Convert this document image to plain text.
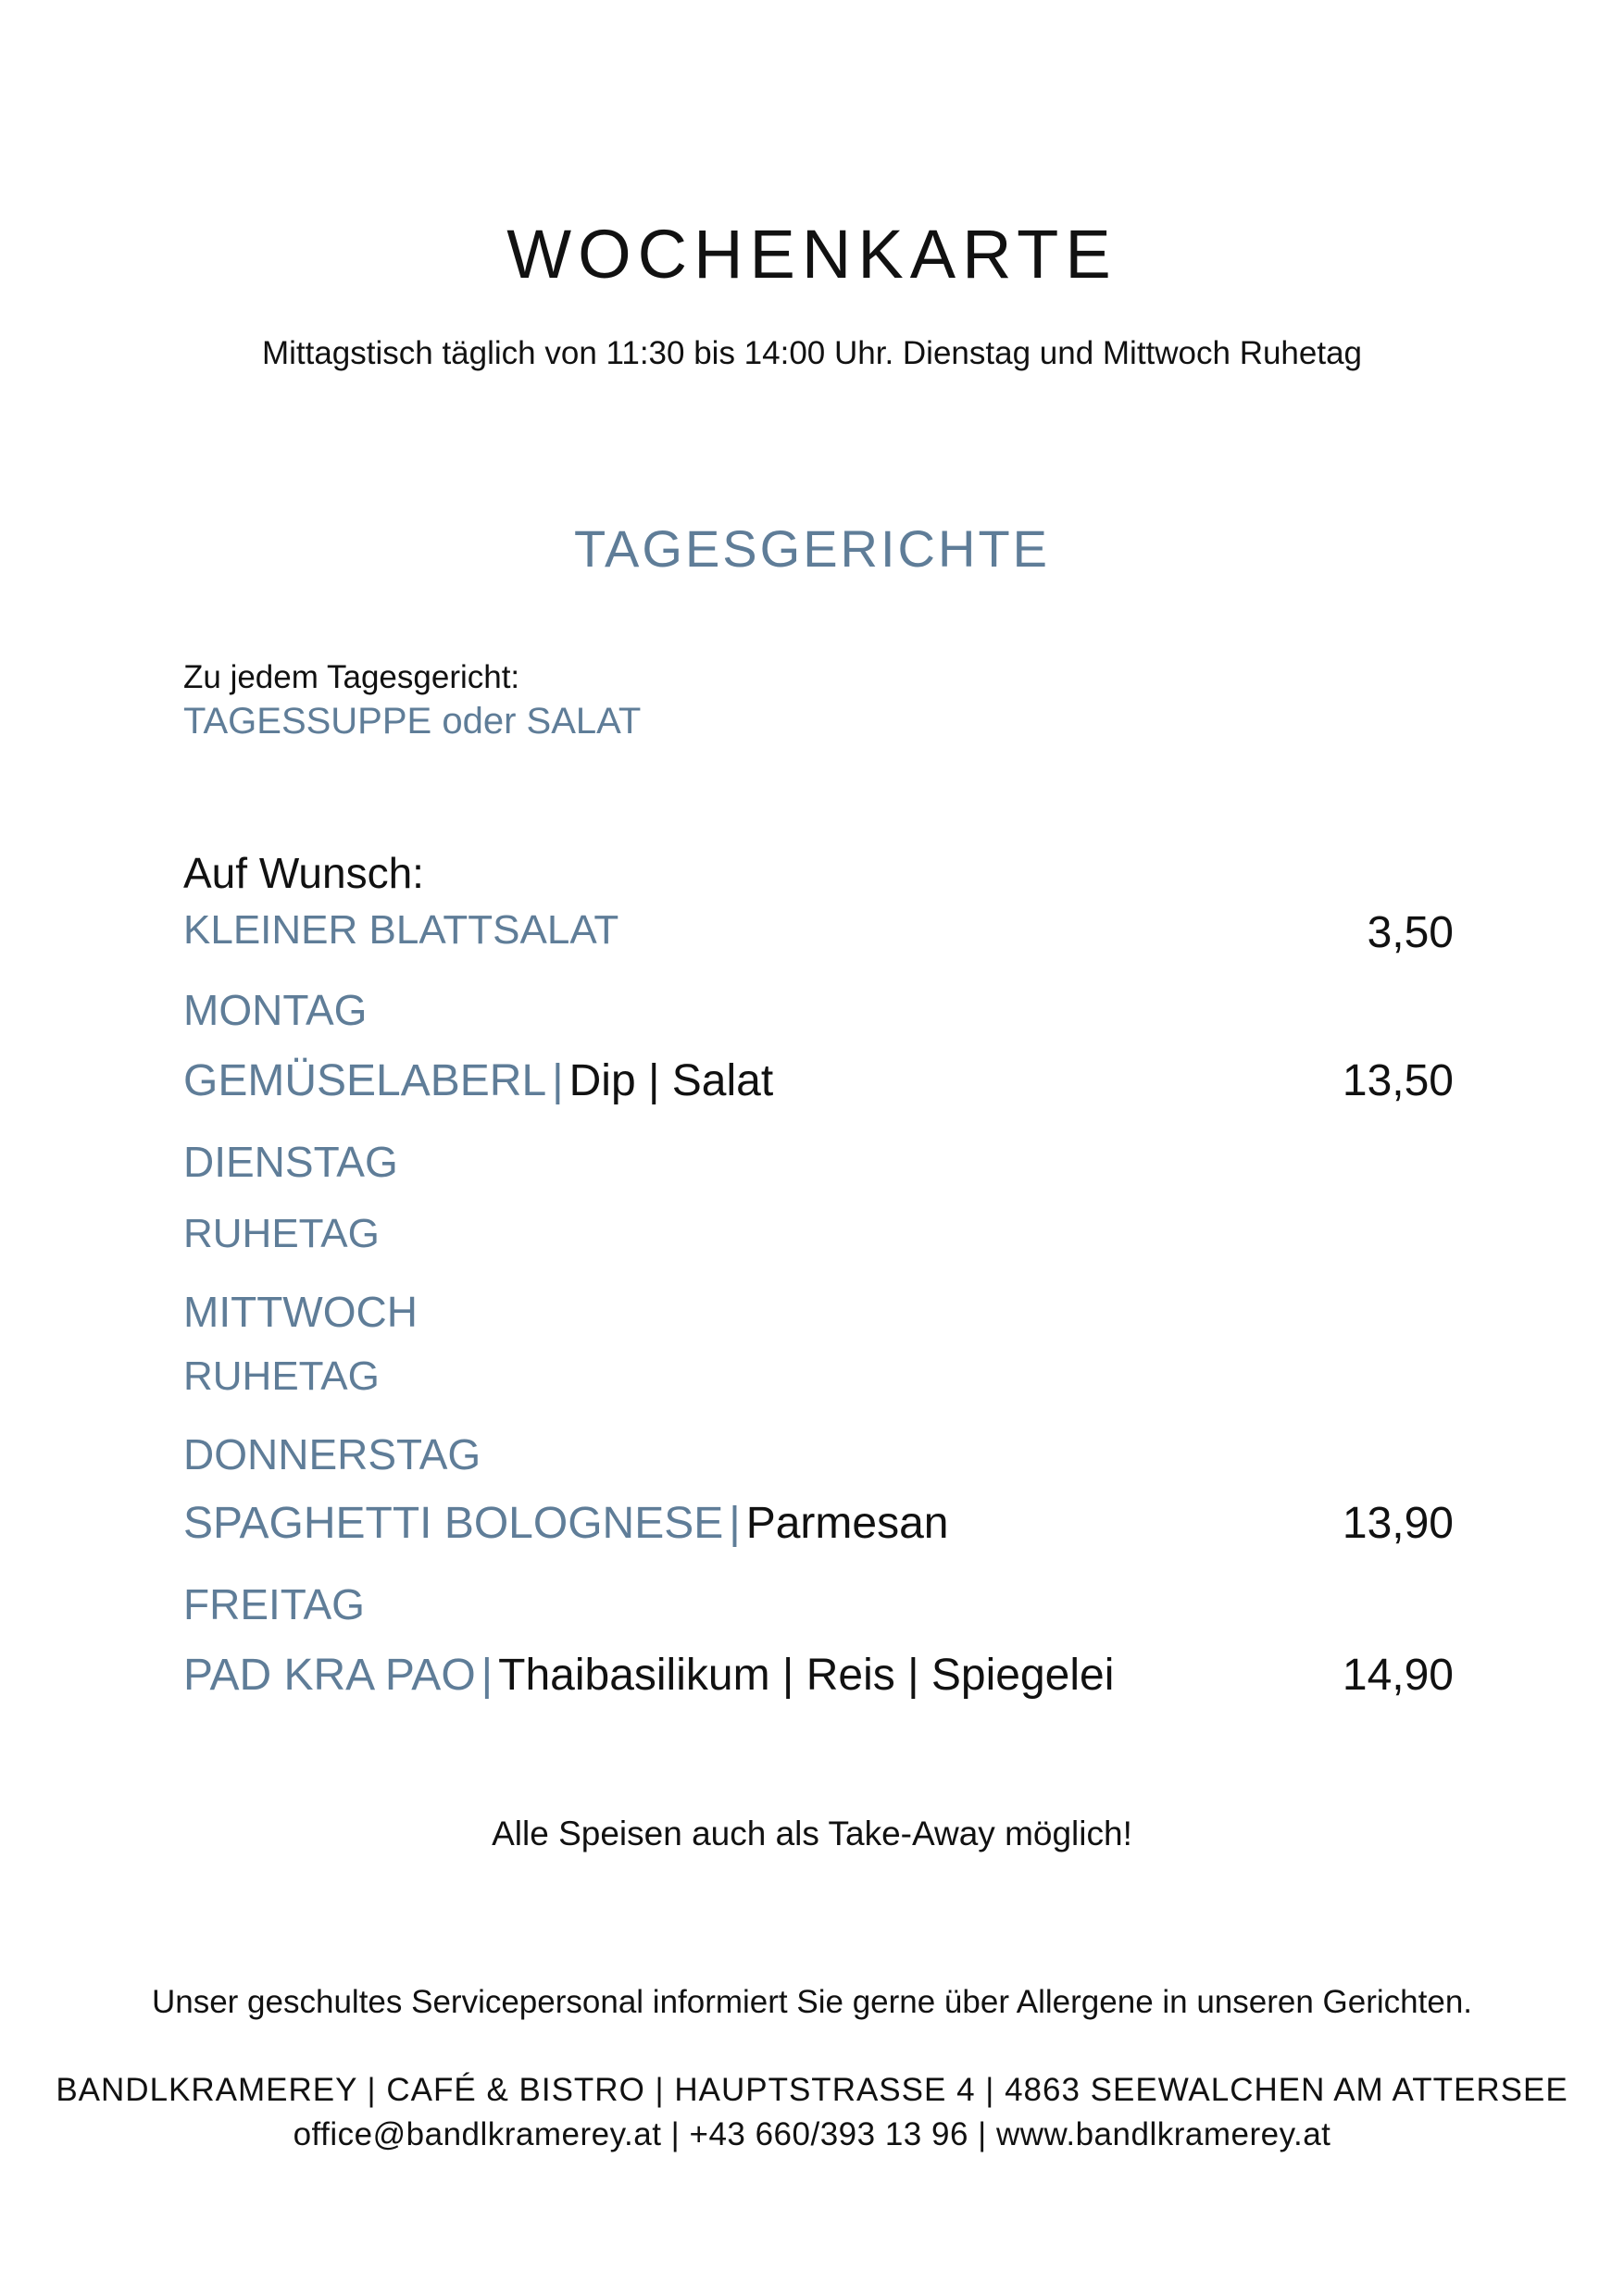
WOCHENKARTE
Mittagstisch täglich von 11:30 bis 14:00 Uhr. Dienstag und Mittwoch Ruhetag
TAGESGERICHTE
Zu jedem Tagesgericht:
TAGESSUPPE oder SALAT
Auf Wunsch:
KLEINER BLATTSALAT	3,50
MONTAG
GEMÜSELABERL | Dip | Salat	13,50
DIENSTAG
RUHETAG
MITTWOCH
RUHETAG
DONNERSTAG
SPAGHETTI BOLOGNESE | Parmesan	13,90
FREITAG
PAD KRA PAO | Thaibasilikum | Reis | Spiegelei	14,90
Alle Speisen auch als Take-Away möglich!
Unser geschultes Servicepersonal informiert Sie gerne über Allergene in unseren Gerichten.
BANDLKRAMEREY | CAFÉ & BISTRO | HAUPTSTRASSE 4 | 4863 SEEWALCHEN AM ATTERSEE
office@bandlkramerey.at | +43 660/393 13 96 | www.bandlkramerey.at
